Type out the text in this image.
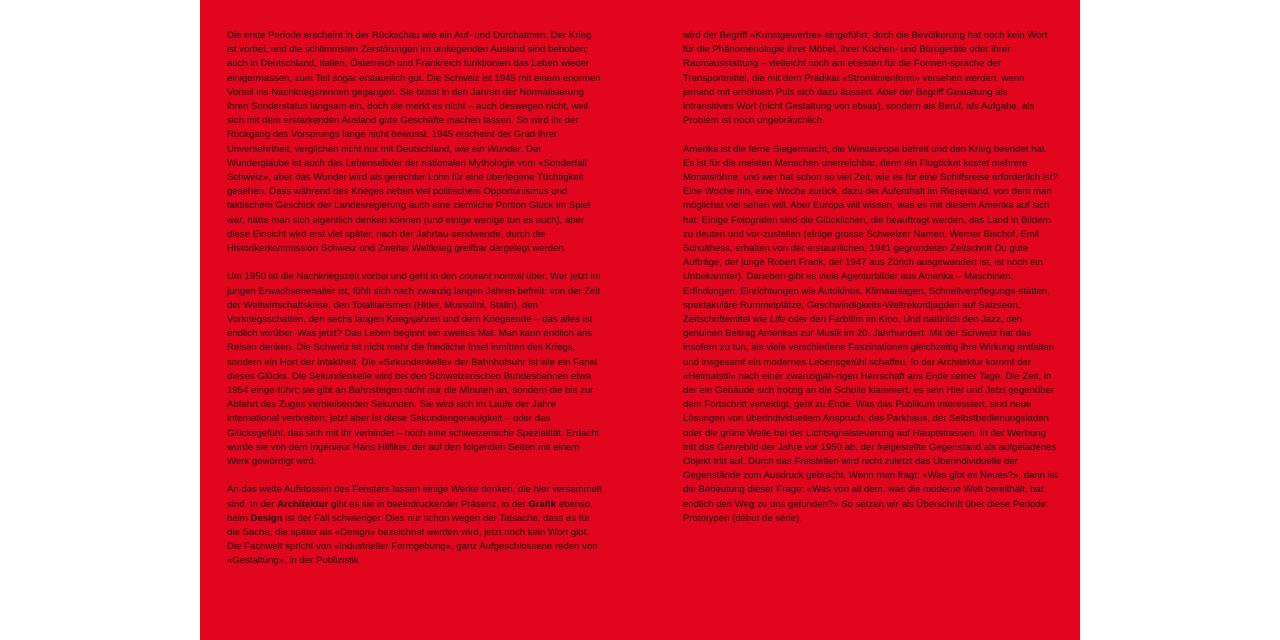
Die erste Periode erscheint in der Rückschau wie ein Auf- und Durchatmen. Der Krieg ist vorbei, und die schlimmsten Zerstörungen im umliegenden Ausland sind behoben; auch in Deutschland, Italien, Österreich und Frankreich funktioniert das Leben wieder einigermassen, zum Teil sogar erstaunlich gut. Die Schweiz ist 1945 mit einem enormen Vorteil ins Nachkriegsrennen gegangen. Sie büsst in den Jahren der Normalisierung ihren Sonderstatus langsam ein, doch sie merkt es nicht – auch deswegen nicht, weil sich mit dem erstarkenden Ausland gute Geschäfte machen lassen. So wird ihr der Rückgang des Vorsprungs lange nicht bewusst. 1945 erscheint der Grad ihrer Unversehrtheit, verglichen nicht nur mit Deutschland, wie ein Wunder. Der Wunderglaube ist auch das Lebenselixier der nationalen Mythologie vom «Sonderfall Schweiz», aber das Wunder wird als gerechter Lohn für eine überlegene Tüchtigkeit gesehen. Dass während des Krieges neben viel politischem Opportunismus und taktischem Geschick der Landesregierung auch eine ziemliche Portion Glück im Spiel war, hätte man sich eigentlich denken können (und einige wenige tun es auch), aber diese Einsicht wird erst viel später, nach der Jahrtau-sendwende, durch die Historikerkommission Schweiz und Zweiter Weltkrieg greifbar dargelegt werden.

Um 1950 ist die Nachkriegszeit vorbei und geht in den courant normal über. Wer jetzt im jungen Erwachsenenalter ist, fühlt sich nach zwanzig langen Jahren befreit: von der Zeit der Weltwirtschaftskrise, den Totalitarismen (Hitler, Mussolini, Stalin), den Vorkriegsschatten, den sechs langen Kriegsjahren und dem Kriegsende – das alles ist endlich vorüber. Was jetzt? Das Leben beginnt ein zweites Mal. Man kann endlich ans Reisen denken. Die Schweiz ist nicht mehr die friedliche Insel inmitten des Kriegs, sondern ein Hort der Intaktheit. Die «Sekundenkelle» der Bahnhofsuhr ist wie ein Fanal dieses Glücks. Die Sekundenkelle wird bei den Schweizerischen Bundesbahnen etwa 1954 einge-führt; sie gibt an Bahnsteigen nicht nur die Minuten an, sondern die bis zur Abfahrt des Zuges verbleibenden Sekunden. Sie wird sich im Laufe der Jahre international verbreiten; jetzt aber ist diese Sekundengenauigkeit – oder das Glücksgefühl, das sich mit ihr verbindet – noch eine schweizerische Spezialität. Erdacht wurde sie von dem Ingenieur Hans Hilfiker, der auf den folgenden Seiten mit einem Werk gewürdigt wird.

An das weite Aufstossen des Fensters lassen einige Werke denken, die hier versammelt sind. In der Architektur gibt es sie in beeindruckender Präsenz, in der Grafik ebenso, beim Design ist der Fall schwieriger. Dies nur schon wegen der Tatsache, dass es für die Sache, die später als «Design» bezeichnet werden wird, jetzt noch kein Wort gibt. Die Fachwelt spricht von «industrieller Formgebung», ganz Aufgeschlossene reden von «Gestaltung», in der Publizistik

wird der Begriff «Kunstgewerbe» eingeführt, doch die Bevölkerung hat noch kein Wort für die Phänomenologie ihrer Möbel, ihrer Küchen- und Bürogeräte oder ihrer Raumausstattung – vielleicht noch am ehesten für die Formen-sprache der Transportmittel, die mit dem Prädikat «Stromlinienform» versehen werden, wenn jemand mit erhöhtem Puls sich dazu äussert. Aber der Begriff Gestaltung als intransitives Wort (nicht Gestaltung von etwas), sondern als Beruf, als Aufgabe, als Problem ist noch ungebräuchlich.

Amerika ist die ferne Siegermacht, die Westeuropa befreit und den Krieg beendet hat. Es ist für die meisten Menschen unerreichbar, denn ein Flugticket kostet mehrere Monatslöhne, und wer hat schon so viel Zeit, wie es für eine Schiffsreise erforderlich ist? Eine Woche hin, eine Woche zurück, dazu der Aufenthalt im Riesenland, von dem man möglichst viel sehen will. Aber Europa will wissen, was es mit diesem Amerika auf sich hat. Einige Fotografen sind die Glücklichen, die beauftragt werden, das Land in Bildern zu deuten und vor-zustellen (einige grosse Schweizer Namen, Werner Bischof, Emil Schulthess, erhalten von der erstaunlichen, 1941 gegründeten Zeitschrift Du gute Aufträge, der junge Robert Frank, der 1947 aus Zürich ausgewandert ist, ist noch ein Unbekannter). Daneben gibt es viele Agenturbilder aus Amerika – Maschinen, Erfindungen, Einrichtungen wie Autokinos, Klimaanlagen, Schnellverpflegungs-stätten, spektakuläre Rummelplätze, Geschwindigkeits-Weltrekordjagden auf Salzseen, Zeitschriftentitel wie Life oder den Farbfilm im Kino. Und natürlich den Jazz, den genuinen Beitrag Amerikas zur Musik im 20. Jahrhundert. Mit der Schweiz hat das insofern zu tun, als viele verschiedene Faszinationen gleichzeitig ihre Wirkung entfalten und insgesamt ein modernes Lebensgefühl schaffen. In der Architektur kommt der «Heimatstil» nach einer zwanzigjäh-rigen Herrschaft ans Ende seiner Tage. Die Zeit, in der ein Gebäude sich trotzig an die Scholle klammert, es sein Hier und Jetzt gegenüber dem Fortschritt verteidigt, geht zu Ende. Was das Publikum interessiert, sind neue Lösungen von überindividuellem Anspruch: das Parkhaus, der Selbstbedienungsladen oder die grüne Welle bei der Lichtsignalsteuerung auf Hauptstrassen. In der Werbung tritt das Genrebild der Jahre vor 1950 ab, der freigestellte Gegenstand als aufgeladenes Objekt tritt auf. Durch das Freistellen wird nicht zuletzt das Überindividuelle der Gegenstände zum Ausdruck gebracht. Wenn man fragt: «Was gibt es Neues?», dann ist die Bedeutung dieser Frage: «Was von all dem, was die moderne Welt bereithält, hat endlich den Weg zu uns gefunden?» So setzen wir als Überschrift über diese Periode: Prototypen (début de série).
